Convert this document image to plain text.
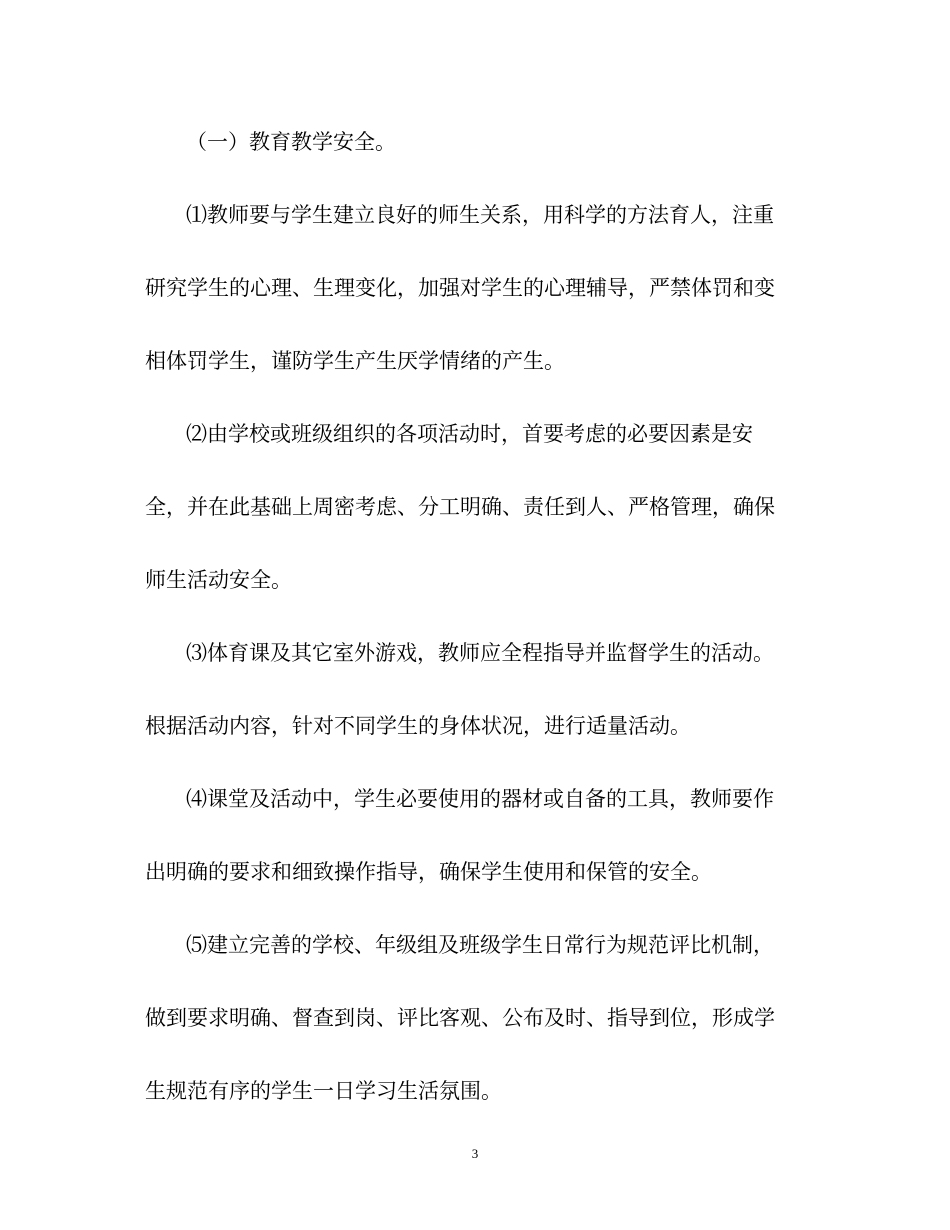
（一）教育教学安全。
⑴教师要与学生建立良好的师生关系，用科学的方法育人，注重
研究学生的心理、生理变化，加强对学生的心理辅导，严禁体罚和变
相体罚学生，谨防学生产生厌学情绪的产生。
⑵由学校或班级组织的各项活动时，首要考虑的必要因素是安
全，并在此基础上周密考虑、分工明确、责任到人、严格管理，确保
师生活动安全。
⑶体育课及其它室外游戏，教师应全程指导并监督学生的活动。
根据活动内容，针对不同学生的身体状况，进行适量活动。
⑷课堂及活动中，学生必要使用的器材或自备的工具，教师要作
出明确的要求和细致操作指导，确保学生使用和保管的安全。
⑸建立完善的学校、年级组及班级学生日常行为规范评比机制，
做到要求明确、督查到岗、评比客观、公布及时、指导到位，形成学
生规范有序的学生一日学习生活氛围。
3
